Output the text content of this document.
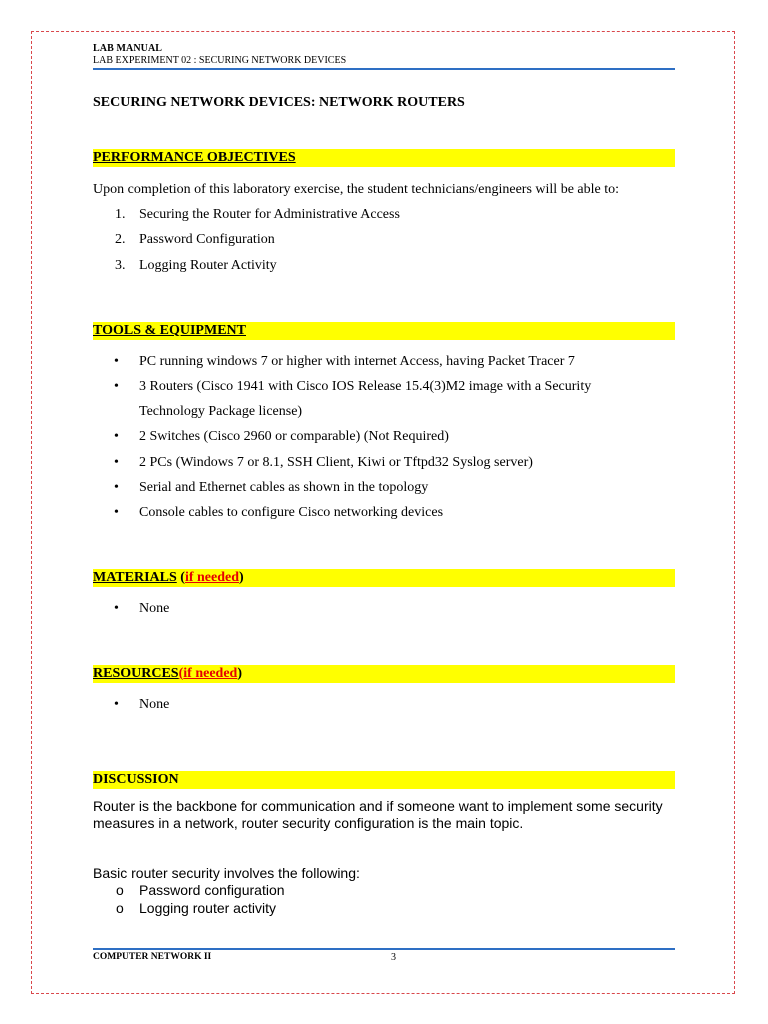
LAB MANUAL
LAB EXPERIMENT 02 : SECURING NETWORK DEVICES
SECURING NETWORK DEVICES: NETWORK ROUTERS
PERFORMANCE OBJECTIVES
Upon completion of this laboratory exercise, the student technicians/engineers will be able to:
1. Securing the Router for Administrative Access
2. Password Configuration
3. Logging Router Activity
TOOLS & EQUIPMENT
• PC running windows 7 or higher with internet Access, having Packet Tracer 7
• 3 Routers (Cisco 1941 with Cisco IOS Release 15.4(3)M2 image with a Security
Technology Package license)
• 2 Switches (Cisco 2960 or comparable) (Not Required)
• 2 PCs (Windows 7 or 8.1, SSH Client, Kiwi or Tftpd32 Syslog server)
• Serial and Ethernet cables as shown in the topology
• Console cables to configure Cisco networking devices
MATERIALS (if needed)
• None
RESOURCES(if needed)
• None
DISCUSSION
Router is the backbone for communication and if someone want to implement some security measures in a network, router security configuration is the main topic.
Basic router security involves the following:
o Password configuration
o Logging router activity
COMPUTER NETWORK II	3
